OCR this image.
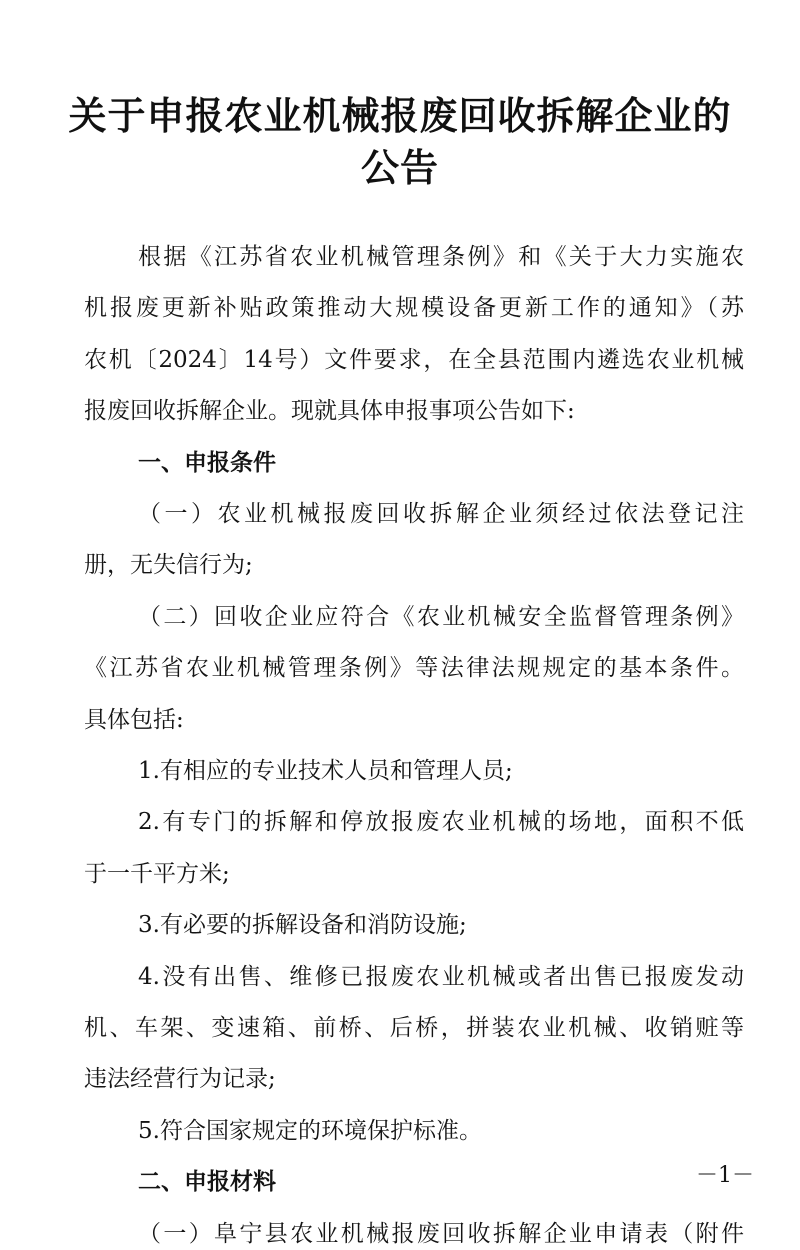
关于申报农业机械报废回收拆解企业的
公告
－1－

根据《江苏省农业机械管理条例》和《关于大力实施农

机报废更新补贴政策推动大规模设备更新工作的通知》（苏

农机〔2024〕14号）文件要求，在全县范围内遴选农业机械

报废回收拆解企业。现就具体申报事项公告如下:

一、申报条件

（一）农业机械报废回收拆解企业须经过依法登记注

册，无失信行为;

（二）回收企业应符合《农业机械安全监督管理条例》

《江苏省农业机械管理条例》等法律法规规定的基本条件。

具体包括:

1.有相应的专业技术人员和管理人员;

2.有专门的拆解和停放报废农业机械的场地，面积不低

于一千平方米;

3.有必要的拆解设备和消防设施;

4.没有出售、维修已报废农业机械或者出售已报废发动

机、车架、变速箱、前桥、后桥，拼装农业机械、收销赃等

违法经营行为记录;

5.符合国家规定的环境保护标准。

二、申报材料

（一）阜宁县农业机械报废回收拆解企业申请表（附件
